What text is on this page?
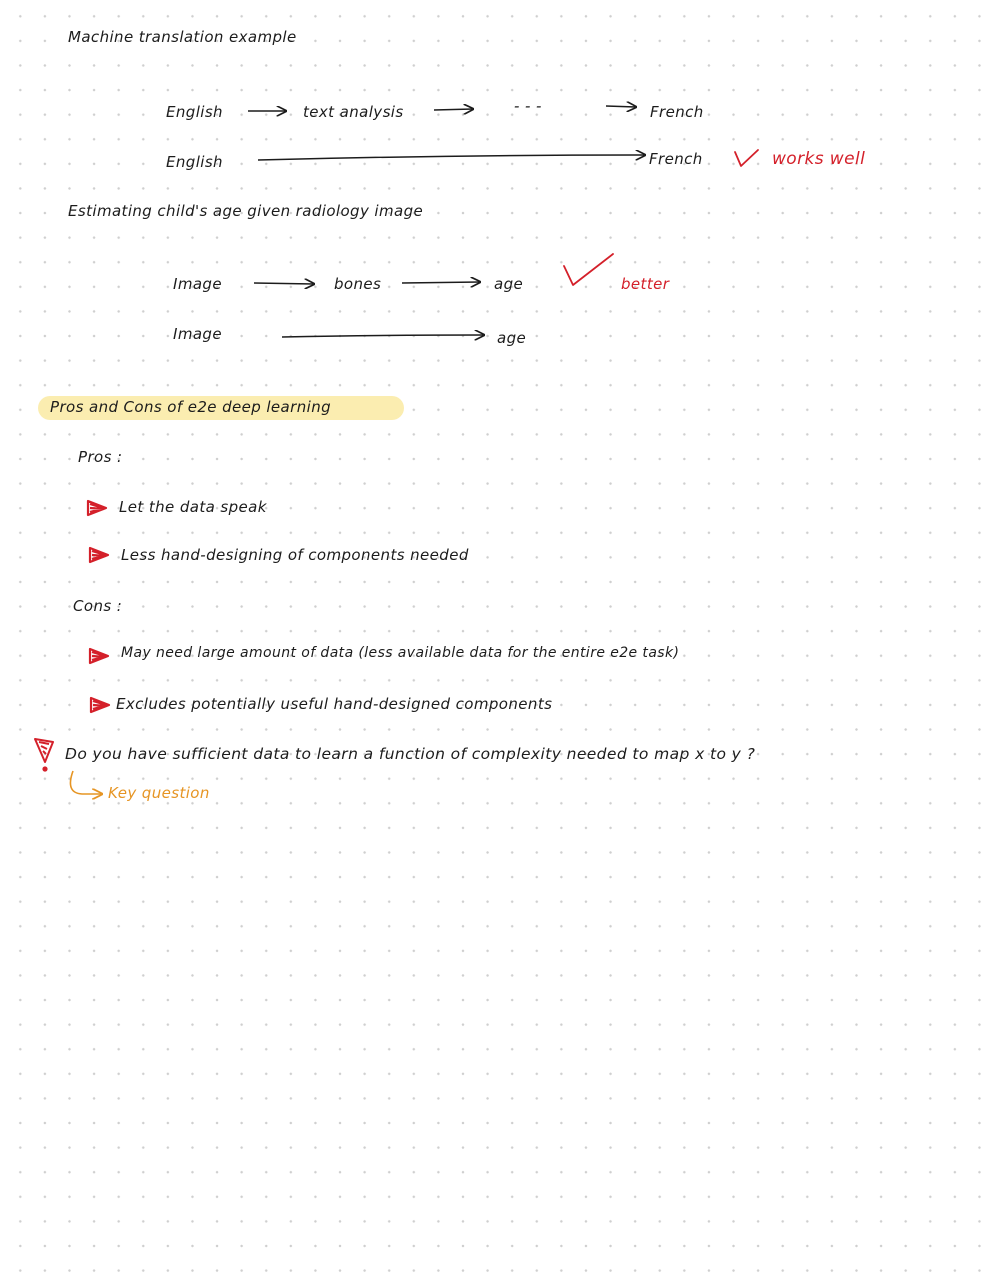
Machine translation example
English	text analysis	- - -	French
English	French	works well
Estimating child's age given radiology image
Image	bones	age	better
Image	age
Pros and Cons of e2e deep learning
Pros :
Let the data speak
Less hand-designing of components needed
Cons :
May need large amount of data (less available data for the entire e2e task)
Excludes potentially useful hand-designed components
Do you have sufficient data to learn a function of complexity needed to map x to y ?
Key question
